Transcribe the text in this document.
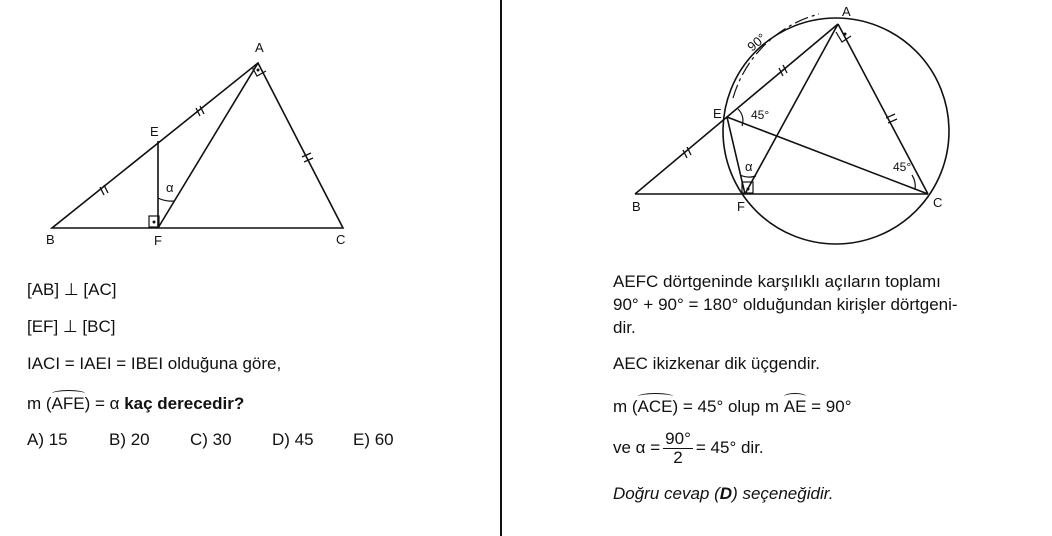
A
B	C
E
F
α
A
B	C
E
F
α
45°
45°
90°
[AB] ⊥ [AC]
[EF] ⊥ [BC]
IACI = IAEI = IBEI olduğuna göre,
m (AFE) = α kaç derecedir?
A) 15 B) 20 C) 30 D) 45 E) 60
AEFC dörtgeninde karşılıklı açıların toplamı
90° + 90° = 180° olduğundan kirişler dörtgeni-
dir.
AEC ikizkenar dik üçgendir.
m (ACE) = 45° olup m AE = 90°
ve $\alpha = \frac{90^\circ}{2} = 45^\circ$ dir.
Doğru cevap (D) seçeneğidir.
